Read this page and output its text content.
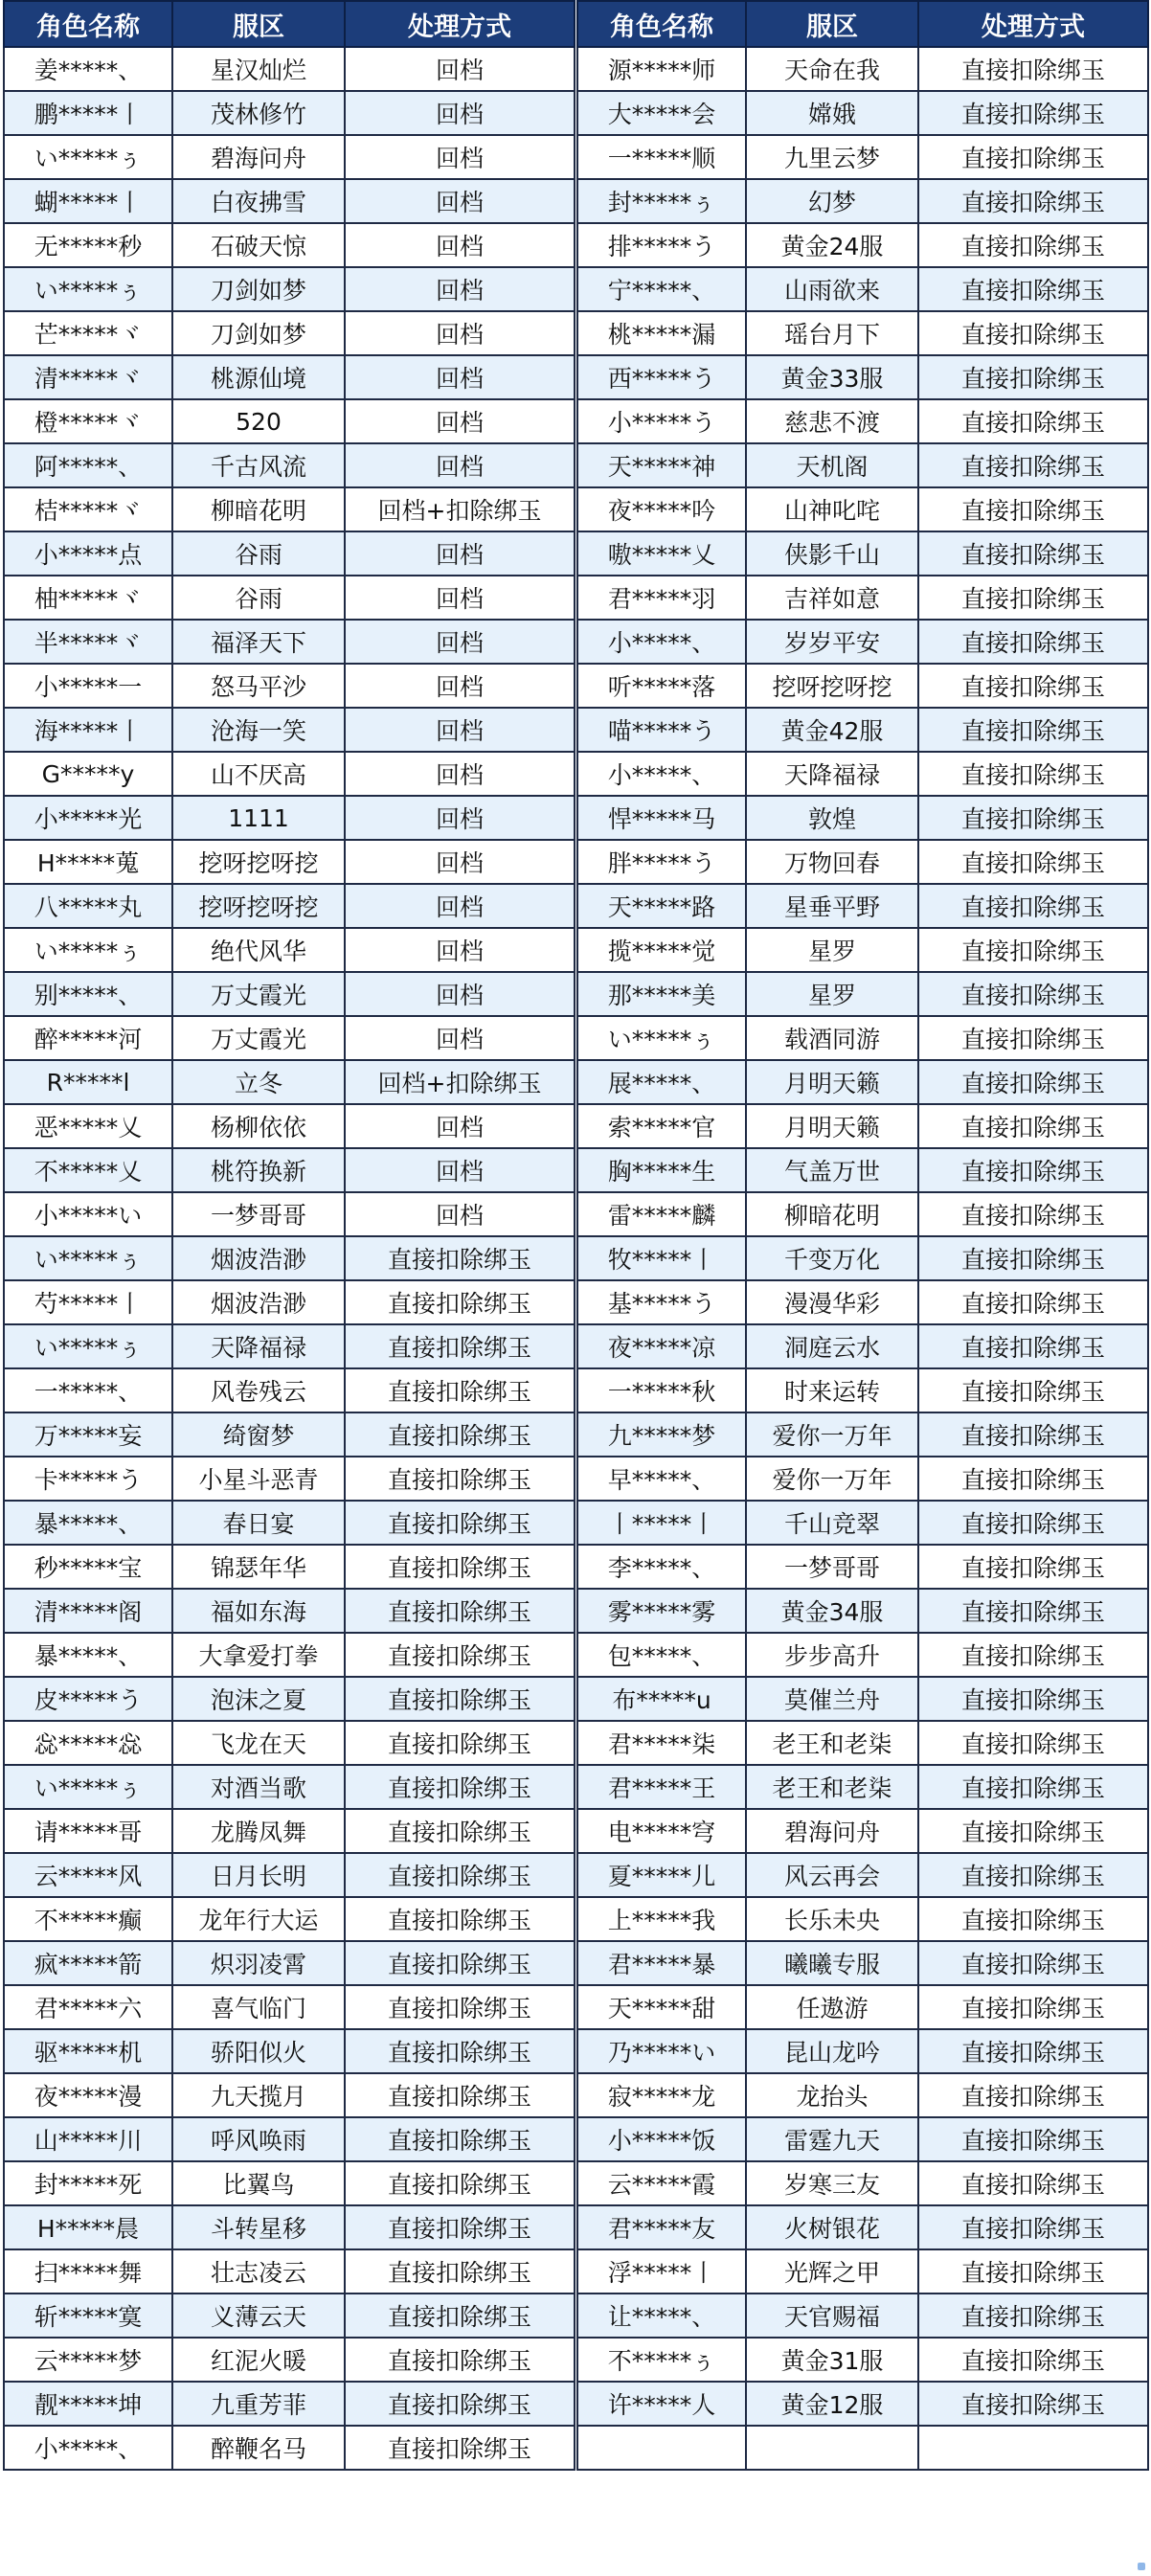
角色名称	服区	处理方式
姜*****、	星汉灿烂	回档
鹏*****丨	茂林修竹	回档
い*****ぅ	碧海问舟	回档
蝴*****丨	白夜拂雪	回档
无*****秒	石破天惊	回档
い*****ぅ	刀剑如梦	回档
芒*****ヾ	刀剑如梦	回档
清*****ヾ	桃源仙境	回档
橙*****ヾ	520	回档
阿*****、	千古风流	回档
桔*****ヾ	柳暗花明	回档+扣除绑玉
小*****点	谷雨	回档
柚*****ヾ	谷雨	回档
半*****ヾ	福泽天下	回档
小*****一	怒马平沙	回档
海*****丨	沧海一笑	回档
G*****y	山不厌高	回档
小*****光	1111	回档
H*****蒐	挖呀挖呀挖	回档
八*****丸	挖呀挖呀挖	回档
い*****ぅ	绝代风华	回档
别*****、	万丈霞光	回档
醉*****河	万丈霞光	回档
R*****l	立冬	回档+扣除绑玉
恶*****乂	杨柳依依	回档
不*****乂	桃符换新	回档
小*****い	一梦哥哥	回档
い*****ぅ	烟波浩渺	直接扣除绑玉
芍*****丨	烟波浩渺	直接扣除绑玉
い*****ぅ	天降福禄	直接扣除绑玉
一*****、	风卷残云	直接扣除绑玉
万*****妄	绮窗梦	直接扣除绑玉
卡*****う	小星斗恶青	直接扣除绑玉
暴*****、	春日宴	直接扣除绑玉
秒*****宝	锦瑟年华	直接扣除绑玉
清*****阁	福如东海	直接扣除绑玉
暴*****、	大拿爱打拳	直接扣除绑玉
皮*****う	泡沫之夏	直接扣除绑玉
惢*****惢	飞龙在天	直接扣除绑玉
い*****ぅ	对酒当歌	直接扣除绑玉
请*****哥	龙腾凤舞	直接扣除绑玉
云*****风	日月长明	直接扣除绑玉
不*****癫	龙年行大运	直接扣除绑玉
疯*****箭	炽羽凌霄	直接扣除绑玉
君*****六	喜气临门	直接扣除绑玉
驱*****机	骄阳似火	直接扣除绑玉
夜*****漫	九天揽月	直接扣除绑玉
山*****川	呼风唤雨	直接扣除绑玉
封*****死	比翼鸟	直接扣除绑玉
H*****晨	斗转星移	直接扣除绑玉
扫*****舞	壮志凌云	直接扣除绑玉
斩*****寞	义薄云天	直接扣除绑玉
云*****梦	红泥火暖	直接扣除绑玉
靓*****坤	九重芳菲	直接扣除绑玉
小*****、	醉鞭名马	直接扣除绑玉
角色名称	服区	处理方式
源*****师	天命在我	直接扣除绑玉
大*****会	嫦娥	直接扣除绑玉
一*****顺	九里云梦	直接扣除绑玉
封*****ぅ	幻梦	直接扣除绑玉
排*****う	黄金24服	直接扣除绑玉
宁*****、	山雨欲来	直接扣除绑玉
桃*****漏	瑶台月下	直接扣除绑玉
西*****う	黄金33服	直接扣除绑玉
小*****う	慈悲不渡	直接扣除绑玉
天*****神	天机阁	直接扣除绑玉
夜*****吟	山神叱咤	直接扣除绑玉
嗷*****乂	侠影千山	直接扣除绑玉
君*****羽	吉祥如意	直接扣除绑玉
小*****、	岁岁平安	直接扣除绑玉
听*****落	挖呀挖呀挖	直接扣除绑玉
喵*****う	黄金42服	直接扣除绑玉
小*****、	天降福禄	直接扣除绑玉
悍*****马	敦煌	直接扣除绑玉
胖*****う	万物回春	直接扣除绑玉
天*****路	星垂平野	直接扣除绑玉
揽*****觉	星罗	直接扣除绑玉
那*****美	星罗	直接扣除绑玉
い*****ぅ	载酒同游	直接扣除绑玉
展*****、	月明天籁	直接扣除绑玉
索*****官	月明天籁	直接扣除绑玉
胸*****生	气盖万世	直接扣除绑玉
雷*****麟	柳暗花明	直接扣除绑玉
牧*****丨	千变万化	直接扣除绑玉
基*****う	漫漫华彩	直接扣除绑玉
夜*****凉	洞庭云水	直接扣除绑玉
一*****秋	时来运转	直接扣除绑玉
九*****梦	爱你一万年	直接扣除绑玉
早*****、	爱你一万年	直接扣除绑玉
丨*****丨	千山竞翠	直接扣除绑玉
李*****、	一梦哥哥	直接扣除绑玉
雾*****雾	黄金34服	直接扣除绑玉
包*****、	步步高升	直接扣除绑玉
布*****u	莫催兰舟	直接扣除绑玉
君*****柒	老王和老柒	直接扣除绑玉
君*****王	老王和老柒	直接扣除绑玉
电*****穹	碧海问舟	直接扣除绑玉
夏*****儿	风云再会	直接扣除绑玉
上*****我	长乐未央	直接扣除绑玉
君*****暴	曦曦专服	直接扣除绑玉
天*****甜	任遨游	直接扣除绑玉
乃*****い	昆山龙吟	直接扣除绑玉
寂*****龙	龙抬头	直接扣除绑玉
小*****饭	雷霆九天	直接扣除绑玉
云*****霞	岁寒三友	直接扣除绑玉
君*****友	火树银花	直接扣除绑玉
浮*****丨	光辉之甲	直接扣除绑玉
让*****、	天官赐福	直接扣除绑玉
不*****ぅ	黄金31服	直接扣除绑玉
许*****人	黄金12服	直接扣除绑玉
